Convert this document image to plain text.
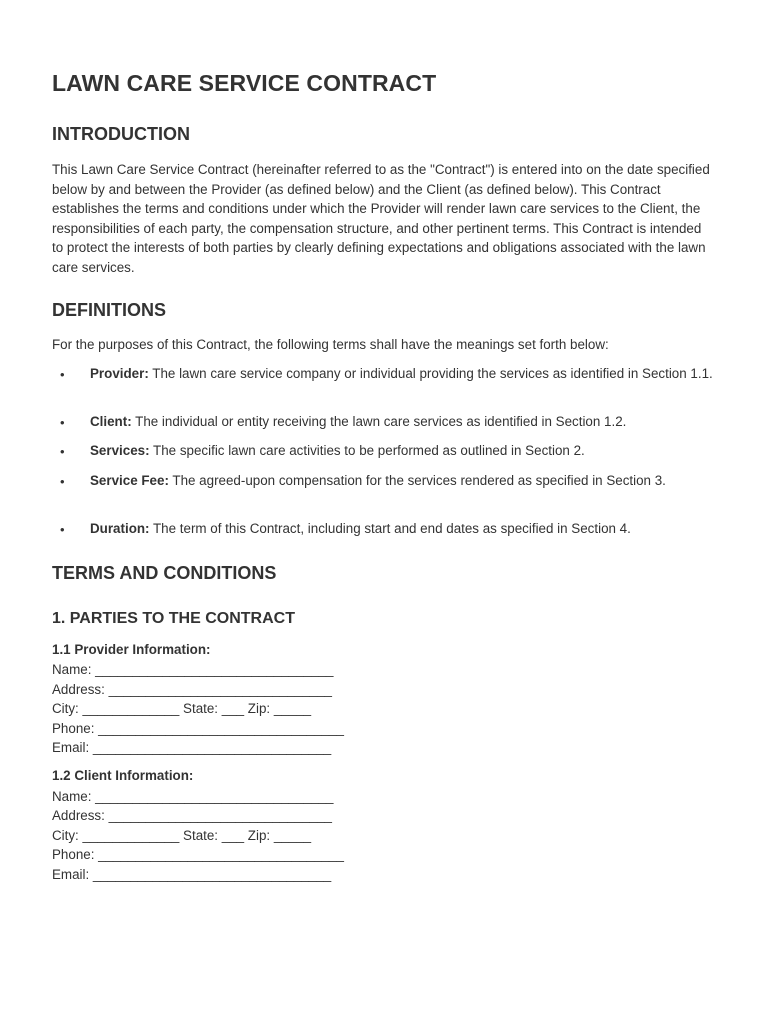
LAWN CARE SERVICE CONTRACT
INTRODUCTION

This Lawn Care Service Contract (hereinafter referred to as the "Contract") is entered into on the date specified below by and between the Provider (as defined below) and the Client (as defined below). This Contract establishes the terms and conditions under which the Provider will render lawn care services to the Client, the responsibilities of each party, the compensation structure, and other pertinent terms. This Contract is intended to protect the interests of both parties by clearly defining expectations and obligations associated with the lawn care services.

DEFINITIONS

For the purposes of this Contract, the following terms shall have the meanings set forth below:

• Provider: The lawn care service company or individual providing the services as identified in Section 1.1.
• Client: The individual or entity receiving the lawn care services as identified in Section 1.2.
• Services: The specific lawn care activities to be performed as outlined in Section 2.
• Service Fee: The agreed-upon compensation for the services rendered as specified in Section 3.
• Duration: The term of this Contract, including start and end dates as specified in Section 4.
TERMS AND CONDITIONS
1. PARTIES TO THE CONTRACT
1.1 Provider Information:

Name: ________________________________

Address: ______________________________

City: _____________ State: ___ Zip: _____

Phone: _________________________________

Email: ________________________________

1.2 Client Information:

Name: ________________________________

Address: ______________________________

City: _____________ State: ___ Zip: _____

Phone: _________________________________

Email: ________________________________
